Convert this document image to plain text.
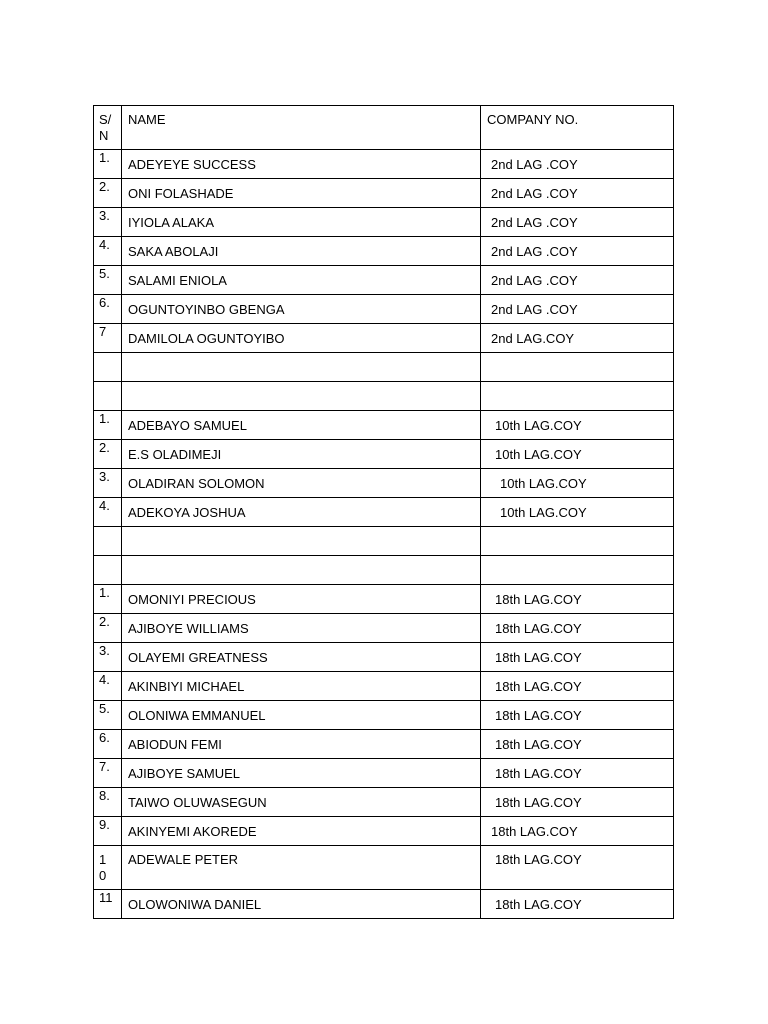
S/ N	NAME	COMPANY NO.
1.	ADEYEYE SUCCESS	2nd LAG .COY
2.	ONI FOLASHADE	2nd LAG .COY
3.	IYIOLA ALAKA	2nd LAG .COY
4.	SAKA ABOLAJI	2nd LAG .COY
5.	SALAMI ENIOLA	2nd LAG .COY
6.	OGUNTOYINBO GBENGA	2nd LAG .COY
7	DAMILOLA OGUNTOYIBO	2nd LAG.COY

1.	ADEBAYO SAMUEL	10th LAG.COY
2.	E.S OLADIMEJI	10th LAG.COY
3.	OLADIRAN SOLOMON	10th LAG.COY
4.	ADEKOYA JOSHUA	10th LAG.COY

1.	OMONIYI PRECIOUS	18th LAG.COY
2.	AJIBOYE WILLIAMS	18th LAG.COY
3.	OLAYEMI GREATNESS	18th LAG.COY
4.	AKINBIYI MICHAEL	18th LAG.COY
5.	OLONIWA EMMANUEL	18th LAG.COY
6.	ABIODUN FEMI	18th LAG.COY
7.	AJIBOYE SAMUEL	18th LAG.COY
8.	TAIWO OLUWASEGUN	18th LAG.COY
9.	AKINYEMI AKOREDE	18th LAG.COY
1 0	ADEWALE PETER	18th LAG.COY
11	OLOWONIWA DANIEL	18th LAG.COY
